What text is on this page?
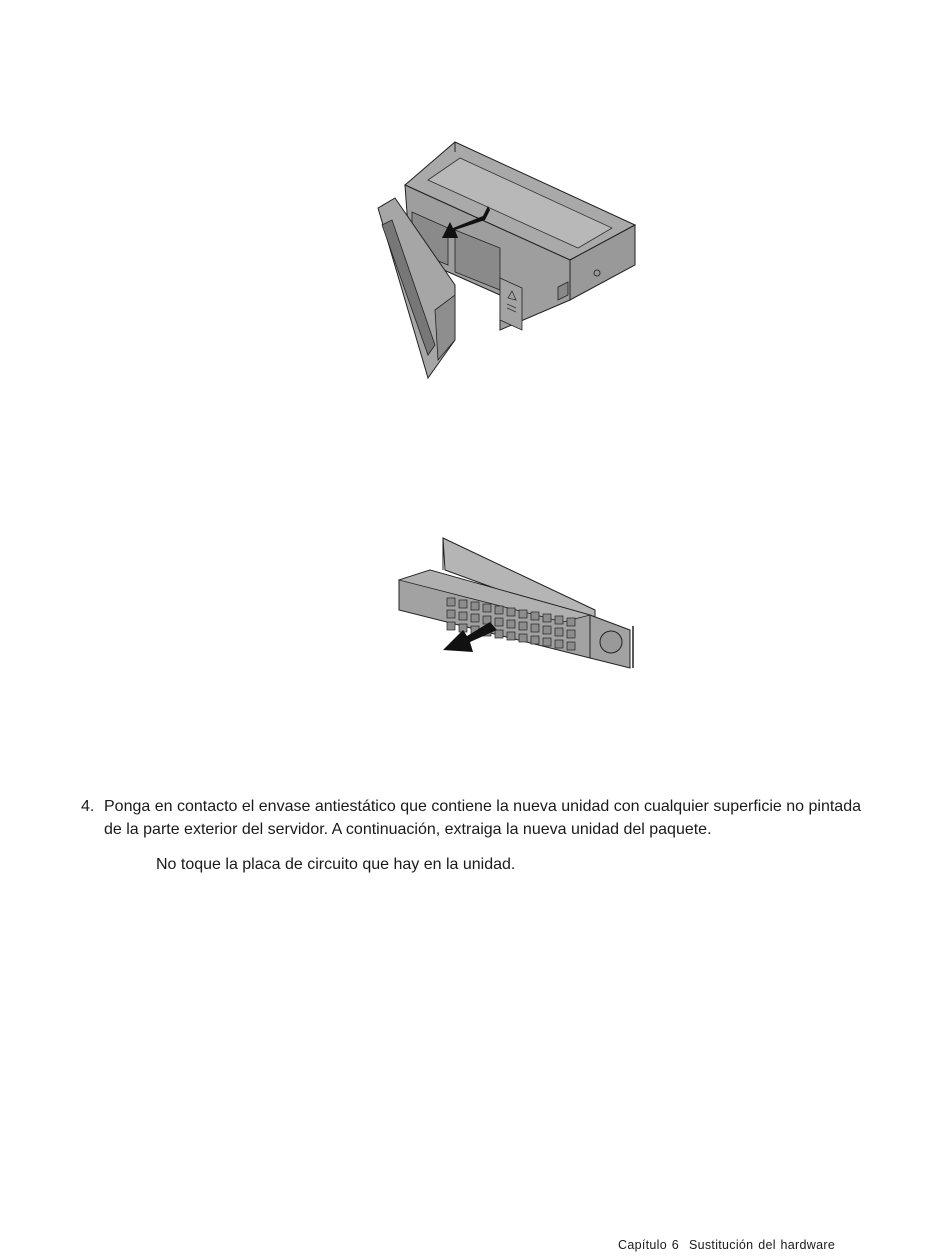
4. Ponga en contacto el envase antiestático que contiene la nueva unidad con cualquier superficie no pintada de la parte exterior del servidor. A continuación, extraiga la nueva unidad del paquete.
No toque la placa de circuito que hay en la unidad.
Capítulo 6 Sustitución del hardware
